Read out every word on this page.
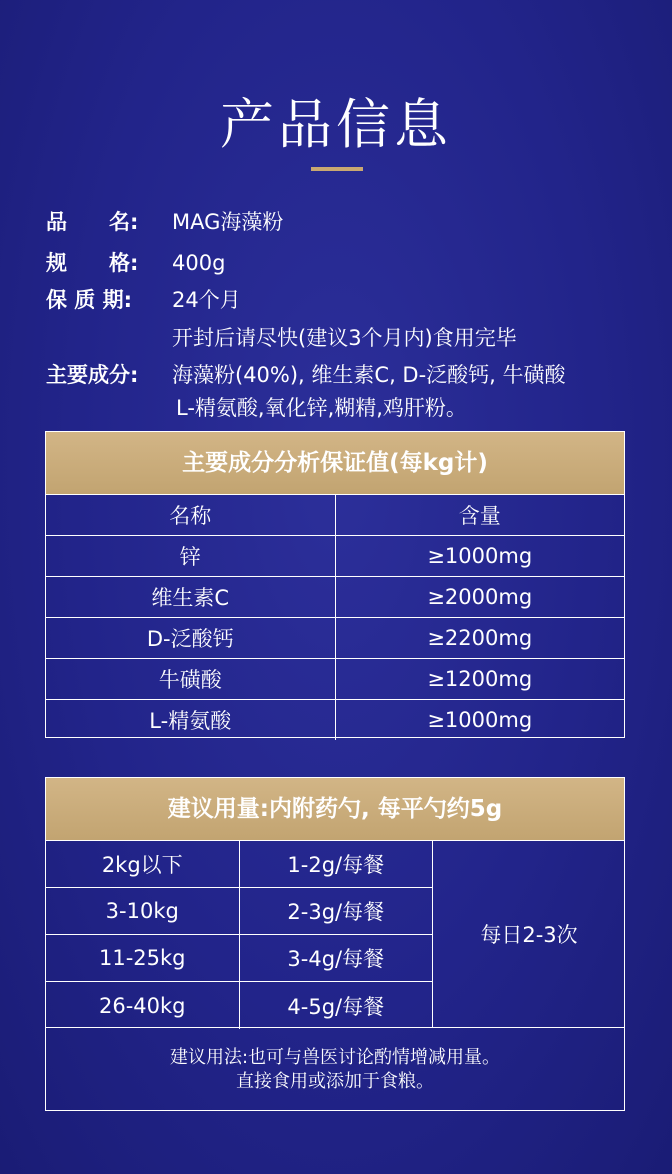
产品信息
品　　名: MAG海藻粉
规　　格: 400g
保 质 期: 24个月
开封后请尽快(建议3个月内)食用完毕
主要成分: 海藻粉(40%), 维生素C, D-泛酸钙, 牛磺酸
L-精氨酸,氧化锌,糊精,鸡肝粉。
主要成分分析保证值(每kg计)
名称	含量
锌	≥1000mg
维生素C	≥2000mg
D-泛酸钙	≥2200mg
牛磺酸	≥1200mg
L-精氨酸	≥1000mg
建议用量:内附药勺, 每平勺约5g
2kg以下	1-2g/每餐
3-10kg	2-3g/每餐
11-25kg	3-4g/每餐
26-40kg	4-5g/每餐
每日2-3次
建议用法:也可与兽医讨论酌情增减用量。
直接食用或添加于食粮。
